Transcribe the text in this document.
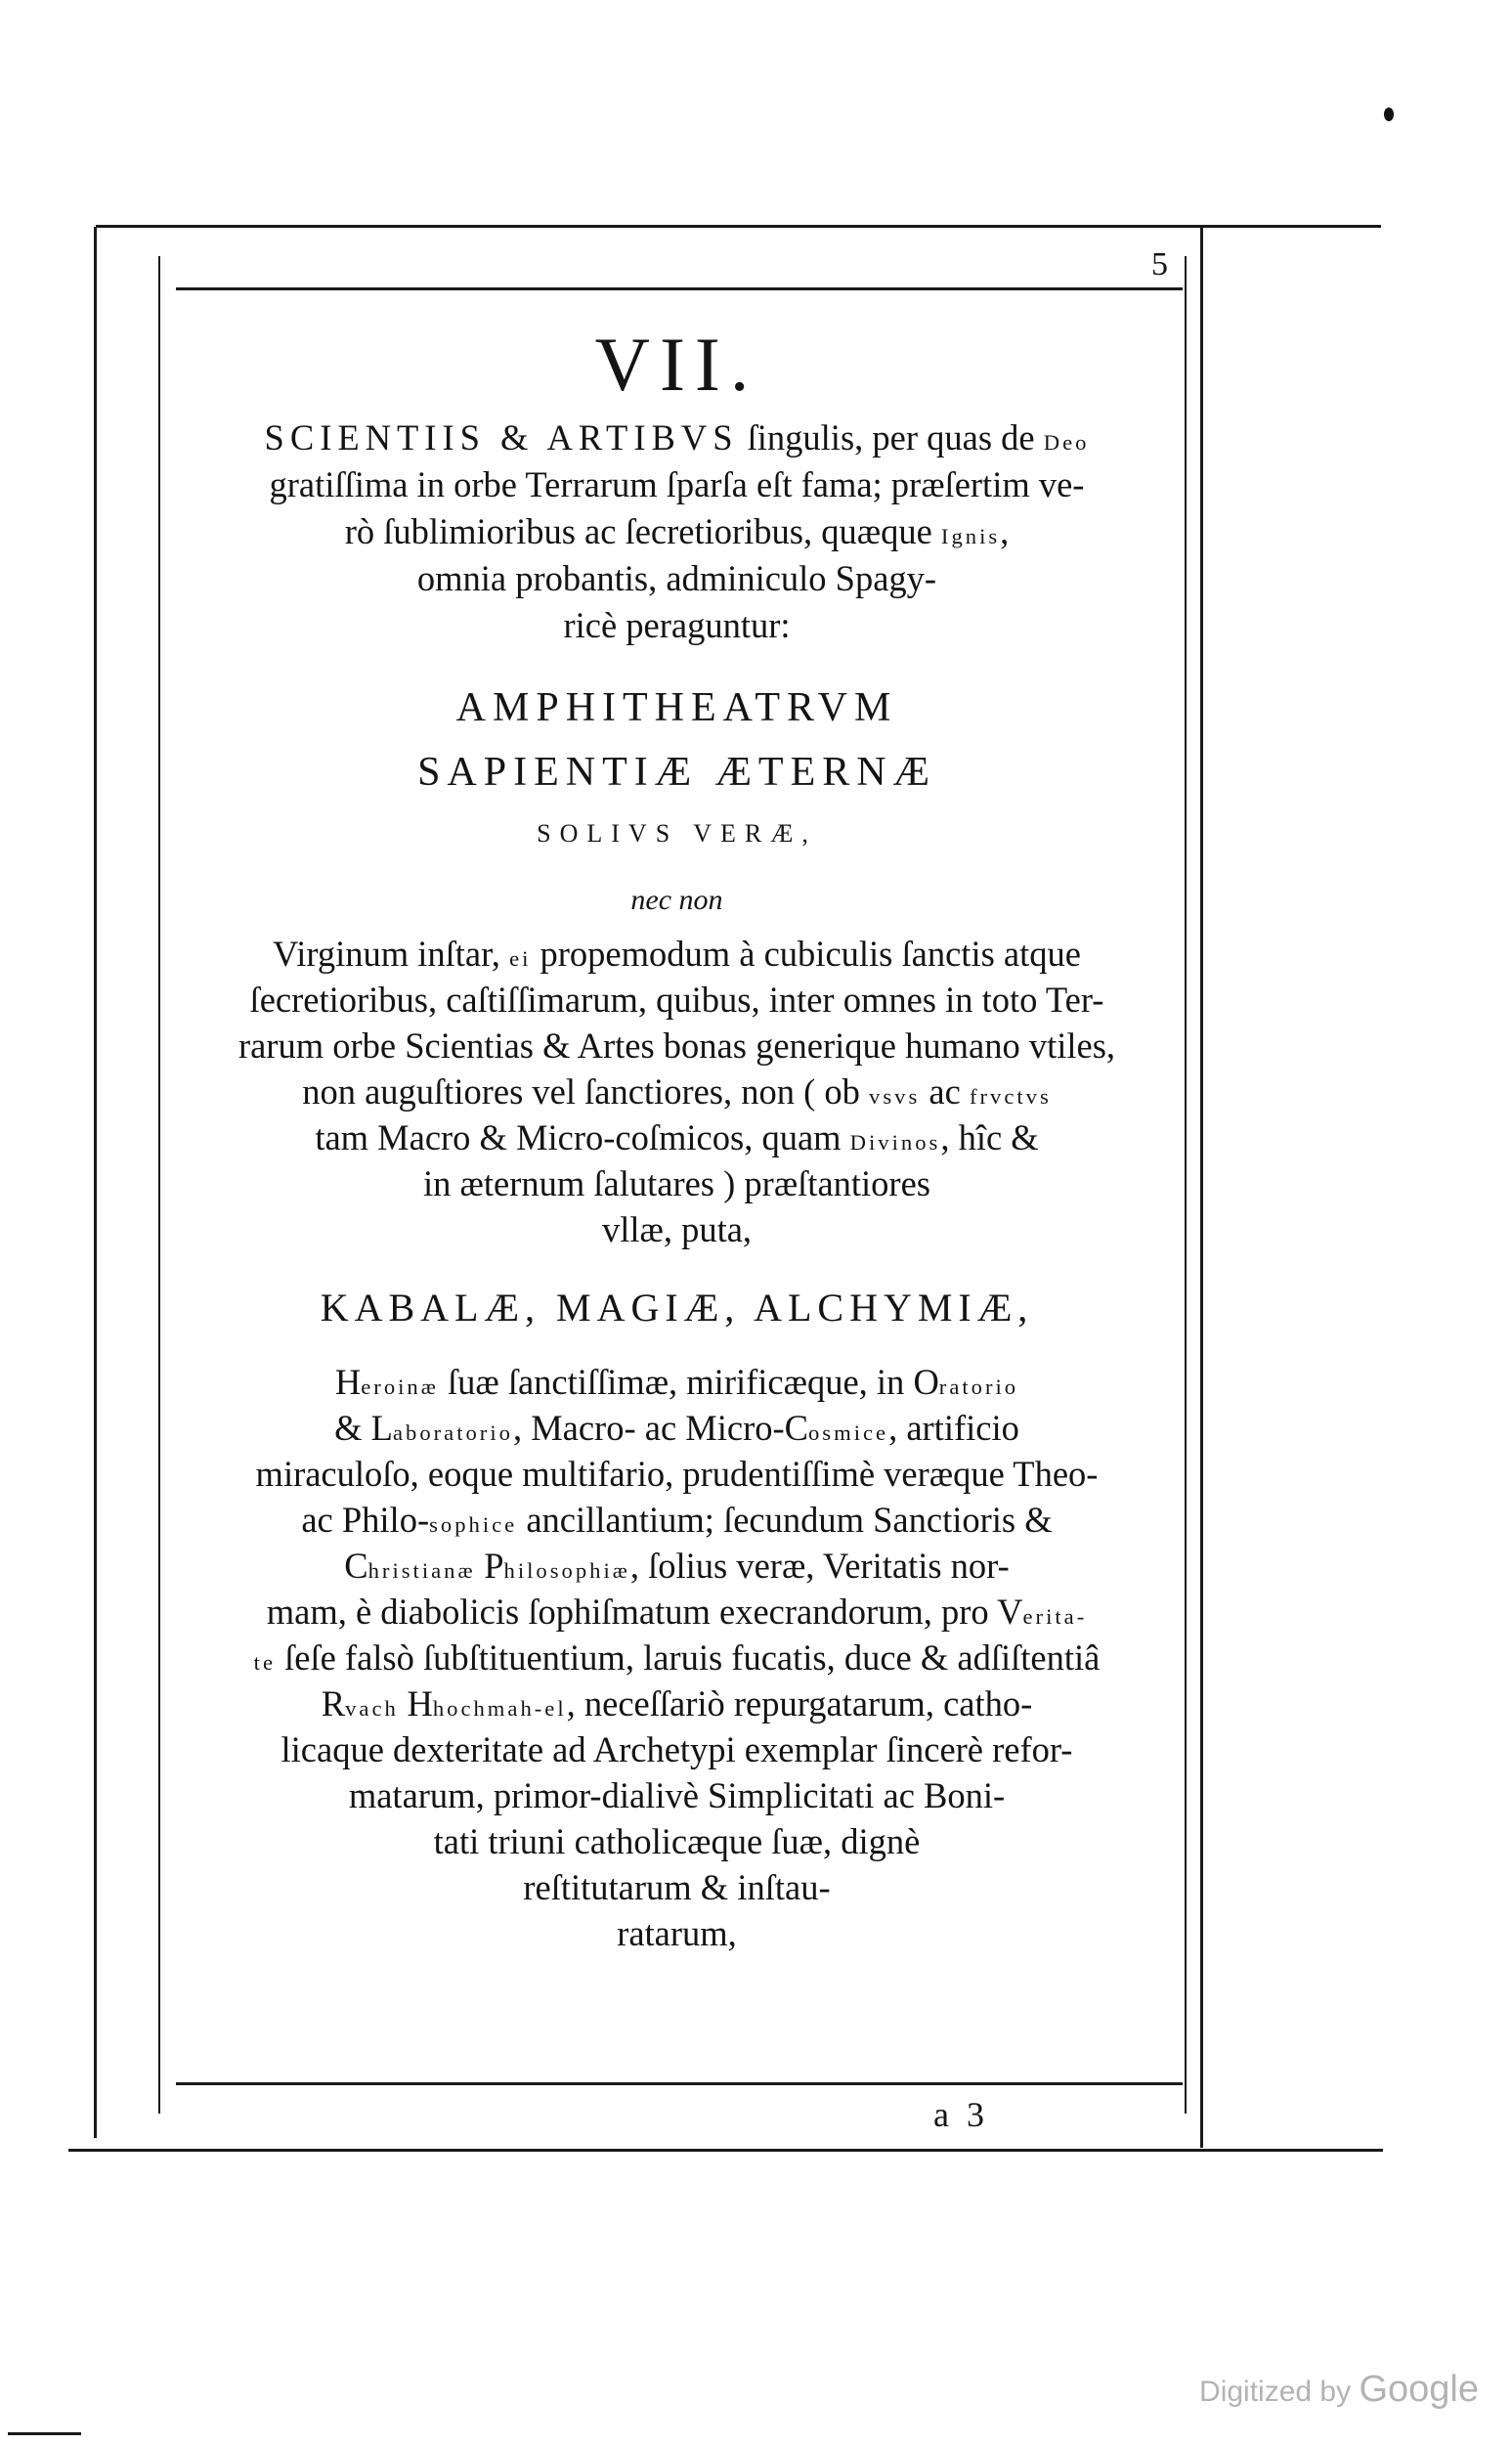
5
VII.
SCIENTIIS & ARTIBVS ſingulis, per quas de Deo
gratiſſima in orbe Terrarum ſparſa eſt fama; præſertim ve-
rò ſublimioribus ac ſecretioribus, quæque Ignis,
omnia probantis, adminiculo Spagy-
ricè peraguntur:
AMPHITHEATRVM
SAPIENTIÆ ÆTERNÆ
SOLIVS VERÆ,
nec non
Virginum inſtar, ei propemodum à cubiculis ſanctis atque
ſecretioribus, caſtiſſimarum, quibus, inter omnes in toto Ter-
rarum orbe Scientias & Artes bonas generique humano vtiles,
non auguſtiores vel ſanctiores, non ( ob vsvs ac frvctvs
tam Macro & Micro-coſmicos, quam Divinos, hîc &
in æternum ſalutares ) præſtantiores
vllæ, puta,
KABALÆ, MAGIÆ, ALCHYMIÆ,
Heroinæ ſuæ ſanctiſſimæ, mirificæque, in Oratorio
& Laboratorio, Macro- ac Micro-Cosmice, artificio
miraculoſo, eoque multifario, prudentiſſimè veræque Theo-
ac Philo-sophice ancillantium; ſecundum Sanctioris &
Christianæ Philosophiæ, ſolius veræ, Veritatis nor-
mam, è diabolicis ſophiſmatum execrandorum, pro Verita-
te ſeſe falsò ſubſtituentium, laruis fucatis, duce & adſiſtentiâ
Rvach Hhochmah-el, neceſſariò repurgatarum, catho-
licaque dexteritate ad Archetypi exemplar ſincerè refor-
matarum, primor-dialivè Simplicitati ac Boni-
tati triuni catholicæque ſuæ, dignè
reſtitutarum & inſtau-
ratarum,
a  3
Digitized by Google
